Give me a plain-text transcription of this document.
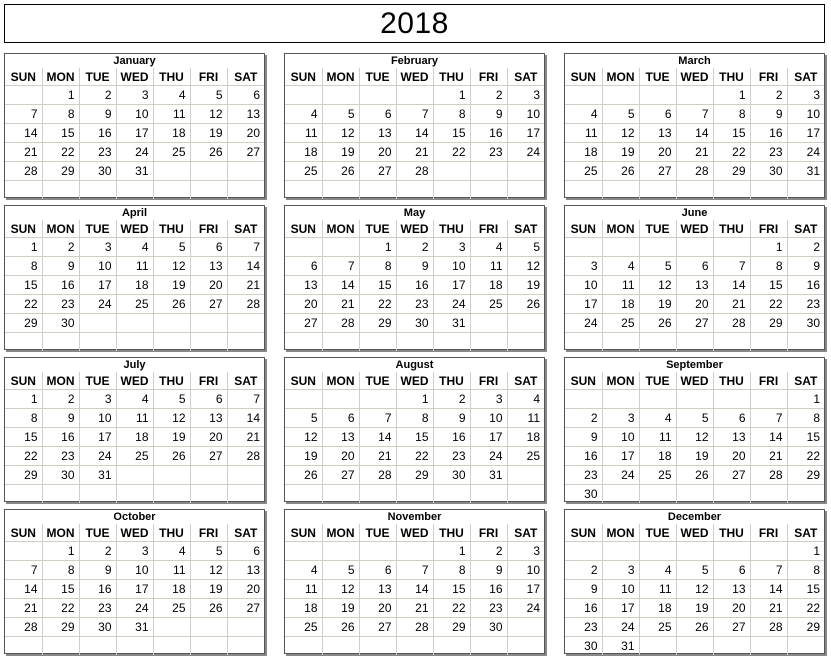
2018
January
SUN	MON	TUE	WED	THU	FRI	SAT
	1	2	3	4	5	6
7	8	9	10	11	12	13
14	15	16	17	18	19	20
21	22	23	24	25	26	27
28	29	30	31			

February
SUN	MON	TUE	WED	THU	FRI	SAT
				1	2	3
4	5	6	7	8	9	10
11	12	13	14	15	16	17
18	19	20	21	22	23	24
25	26	27	28			

March
SUN	MON	TUE	WED	THU	FRI	SAT
				1	2	3
4	5	6	7	8	9	10
11	12	13	14	15	16	17
18	19	20	21	22	23	24
25	26	27	28	29	30	31

April
SUN	MON	TUE	WED	THU	FRI	SAT
1	2	3	4	5	6	7
8	9	10	11	12	13	14
15	16	17	18	19	20	21
22	23	24	25	26	27	28
29	30					

May
SUN	MON	TUE	WED	THU	FRI	SAT
		1	2	3	4	5
6	7	8	9	10	11	12
13	14	15	16	17	18	19
20	21	22	23	24	25	26
27	28	29	30	31		

June
SUN	MON	TUE	WED	THU	FRI	SAT
					1	2
3	4	5	6	7	8	9
10	11	12	13	14	15	16
17	18	19	20	21	22	23
24	25	26	27	28	29	30

July
SUN	MON	TUE	WED	THU	FRI	SAT
1	2	3	4	5	6	7
8	9	10	11	12	13	14
15	16	17	18	19	20	21
22	23	24	25	26	27	28
29	30	31				

August
SUN	MON	TUE	WED	THU	FRI	SAT
			1	2	3	4
5	6	7	8	9	10	11
12	13	14	15	16	17	18
19	20	21	22	23	24	25
26	27	28	29	30	31	

September
SUN	MON	TUE	WED	THU	FRI	SAT
						1
2	3	4	5	6	7	8
9	10	11	12	13	14	15
16	17	18	19	20	21	22
23	24	25	26	27	28	29
30						
October
SUN	MON	TUE	WED	THU	FRI	SAT
	1	2	3	4	5	6
7	8	9	10	11	12	13
14	15	16	17	18	19	20
21	22	23	24	25	26	27
28	29	30	31			

November
SUN	MON	TUE	WED	THU	FRI	SAT
				1	2	3
4	5	6	7	8	9	10
11	12	13	14	15	16	17
18	19	20	21	22	23	24
25	26	27	28	29	30	

December
SUN	MON	TUE	WED	THU	FRI	SAT
						1
2	3	4	5	6	7	8
9	10	11	12	13	14	15
16	17	18	19	20	21	22
23	24	25	26	27	28	29
30	31					
